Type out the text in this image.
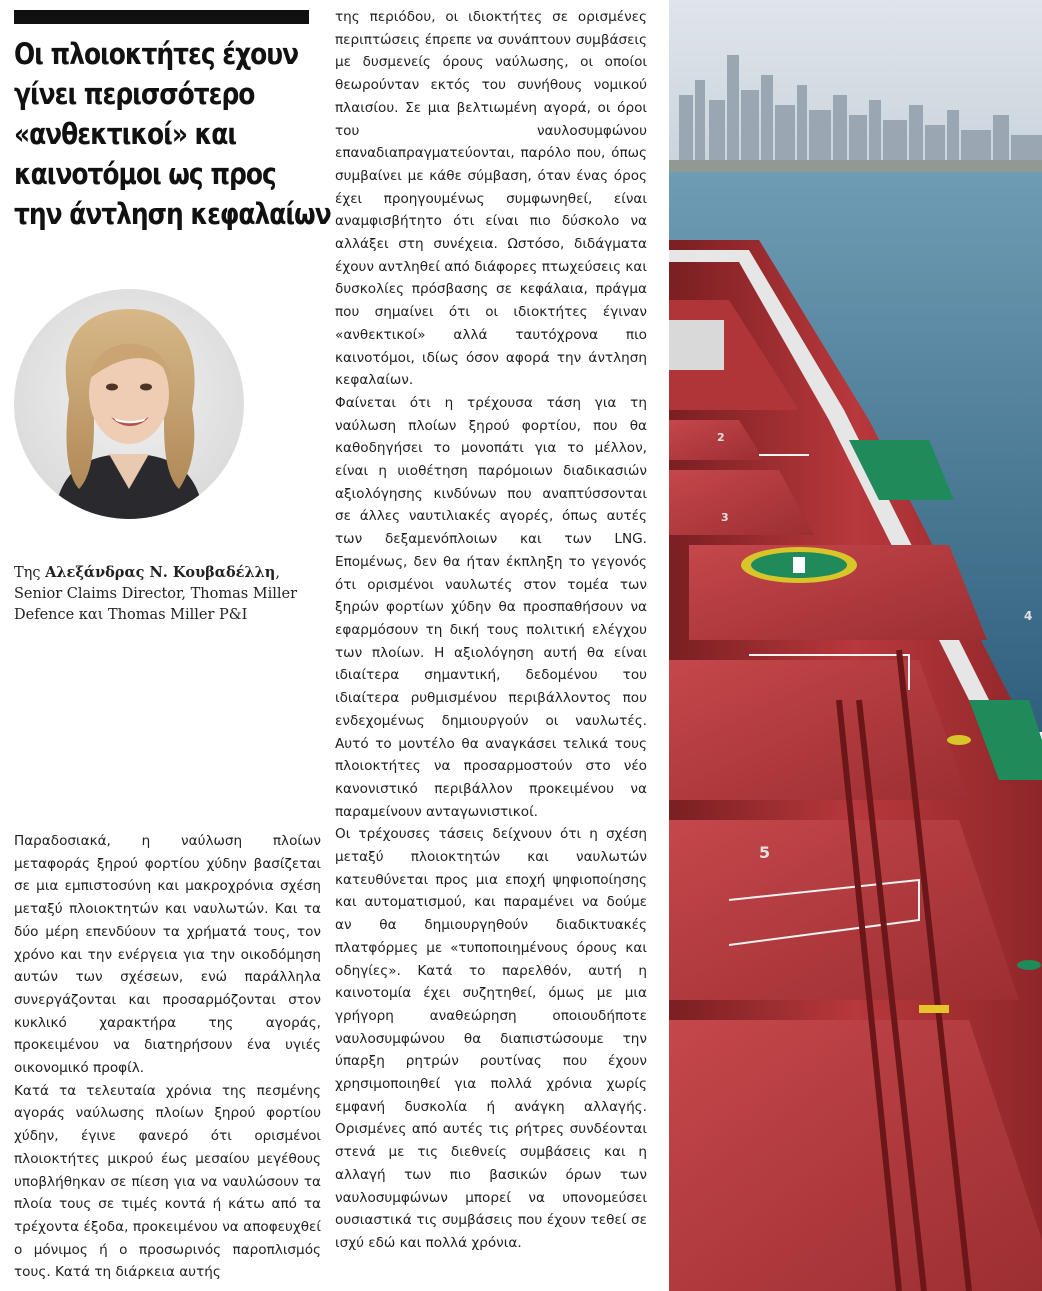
Οι πλοιοκτήτες έχουν
γίνει περισσότερο
«ανθεκτικοί» και
καινοτόμοι ως προς
την άντληση κεφαλαίων
Της Αλεξάνδρας Ν. Κουβαδέλλη,
Senior Claims Director, Thomas Miller
Defence και Thomas Miller P&I

Παραδοσιακά, η ναύλωση πλοίων μεταφοράς ξηρού φορτίου χύδην βασίζεται σε μια εμπιστοσύνη και μακροχρόνια σχέση μεταξύ πλοιοκτητών και ναυλωτών. Και τα δύο μέρη επενδύουν τα χρήματά τους, τον χρόνο και την ενέργεια για την οικοδόμηση αυτών των σχέσεων, ενώ παράλληλα συνεργάζονται και προσαρμόζονται στον κυκλικό χαρακτήρα της αγοράς, προκειμένου να διατηρήσουν ένα υγιές οικονομικό προφίλ.

Κατά τα τελευταία χρόνια της πεσμένης αγοράς ναύλωσης πλοίων ξηρού φορτίου χύδην, έγινε φανερό ότι ορισμένοι πλοιοκτήτες μικρού έως μεσαίου μεγέθους υποβλήθηκαν σε πίεση για να ναυλώσουν τα πλοία τους σε τιμές κοντά ή κάτω από τα τρέχοντα έξοδα, προκειμένου να αποφευχθεί ο μόνιμος ή ο προσωρινός παροπλισμός τους. Κατά τη διάρκεια αυτής

της περιόδου, οι ιδιοκτήτες σε ορισμένες περιπτώσεις έπρεπε να συνάπτουν συμβάσεις με δυσμενείς όρους ναύλωσης, οι οποίοι θεωρούνταν εκτός του συνήθους νομικού πλαισίου. Σε μια βελτιωμένη αγορά, οι όροι του ναυλοσυμφώνου επαναδιαπραγματεύονται, παρόλο που, όπως συμβαίνει με κάθε σύμβαση, όταν ένας όρος έχει προηγουμένως συμφωνηθεί, είναι αναμφισβήτητο ότι είναι πιο δύσκολο να αλλάξει στη συνέχεια. Ωστόσο, διδάγματα έχουν αντληθεί από διάφορες πτωχεύσεις και δυσκολίες πρόσβασης σε κεφάλαια, πράγμα που σημαίνει ότι οι ιδιοκτήτες έγιναν «ανθεκτικοί» αλλά ταυτόχρονα πιο καινοτόμοι, ιδίως όσον αφορά την άντληση κεφαλαίων.

Φαίνεται ότι η τρέχουσα τάση για τη ναύλωση πλοίων ξηρού φορτίου, που θα καθοδηγήσει το μονοπάτι για το μέλλον, είναι η υιοθέτηση παρόμοιων διαδικασιών αξιολόγησης κινδύνων που αναπτύσσονται σε άλλες ναυτιλιακές αγορές, όπως αυτές των δεξαμενόπλοιων και των LNG. Επομένως, δεν θα ήταν έκπληξη το γεγονός ότι ορισμένοι ναυλωτές στον τομέα των ξηρών φορτίων χύδην θα προσπαθήσουν να εφαρμόσουν τη δική τους πολιτική ελέγχου των πλοίων. Η αξιολόγηση αυτή θα είναι ιδιαίτερα σημαντική, δεδομένου του ιδιαίτερα ρυθμισμένου περιβάλλοντος που ενδεχομένως δημιουργούν οι ναυλωτές. Αυτό το μοντέλο θα αναγκάσει τελικά τους πλοιοκτήτες να προσαρμοστούν στο νέο κανονιστικό περιβάλλον προκειμένου να παραμείνουν ανταγωνιστικοί.

Οι τρέχουσες τάσεις δείχνουν ότι η σχέση μεταξύ πλοιοκτητών και ναυλωτών κατευθύνεται προς μια εποχή ψηφιοποίησης και αυτοματισμού, και παραμένει να δούμε αν θα δημιουργηθούν διαδικτυακές πλατφόρμες με «τυποποιημένους όρους και οδηγίες». Κατά το παρελθόν, αυτή η καινοτομία έχει συζητηθεί, όμως με μια γρήγορη αναθεώρηση οποιουδήποτε ναυλοσυμφώνου θα διαπιστώσουμε την ύπαρξη ρητρών ρουτίνας που έχουν χρησιμοποιηθεί για πολλά χρόνια χωρίς εμφανή δυσκολία ή ανάγκη αλλαγής. Ορισμένες από αυτές τις ρήτρες συνδέονται στενά με τις διεθνείς συμβάσεις και η αλλαγή των πιο βασικών όρων των ναυλοσυμφώνων μπορεί να υπονομεύσει ουσιαστικά τις συμβάσεις που έχουν τεθεί σε ισχύ εδώ και πολλά χρόνια.

2
3
4
5
